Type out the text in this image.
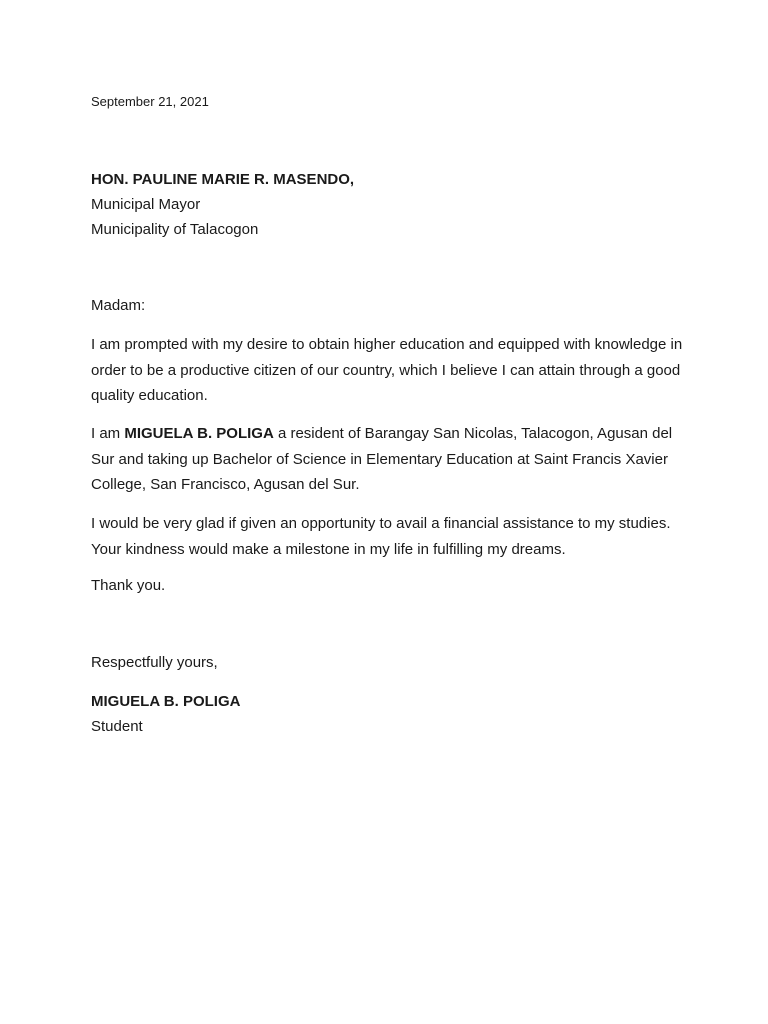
September 21, 2021
HON. PAULINE MARIE R. MASENDO,
Municipal Mayor
Municipality of Talacogon
Madam:

I am prompted with my desire to obtain higher education and equipped with knowledge in order to be a productive citizen of our country, which I believe I can attain through a good quality education.

I am MIGUELA B. POLIGA a resident of Barangay San Nicolas, Talacogon, Agusan del Sur and taking up Bachelor of Science in Elementary Education at Saint Francis Xavier College, San Francisco, Agusan del Sur.

I would be very glad if given an opportunity to avail a financial assistance to my studies. Your kindness would make a milestone in my life in fulfilling my dreams.

Thank you.
Respectfully yours,
MIGUELA B. POLIGA
Student
